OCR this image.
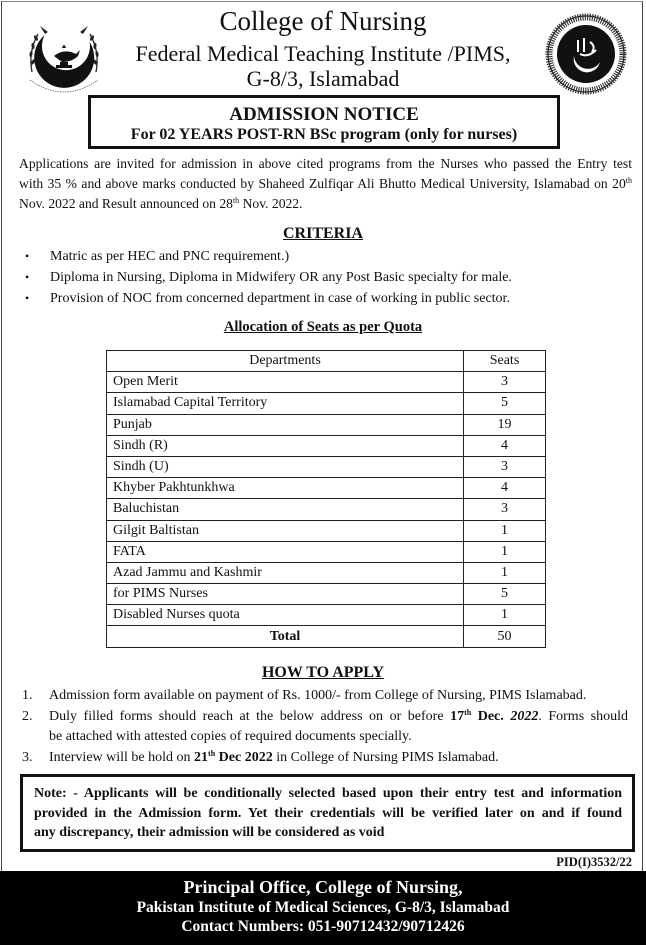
College of Nursing
Federal Medical Teaching Institute /PIMS,
G-8/3, Islamabad
ADMISSION NOTICE
For 02 YEARS POST-RN BSc program (only for nurses)
Applications are invited for admission in above cited programs from the Nurses who passed the Entry test
with 35 % and above marks conducted by Shaheed Zulfiqar Ali Bhutto Medical University, Islamabad on 20th
Nov. 2022 and Result announced on 28th Nov. 2022.
CRITERIA
• Matric as per HEC and PNC requirement.)
• Diploma in Nursing, Diploma in Midwifery OR any Post Basic specialty for male.
• Provision of NOC from concerned department in case of working in public sector.
Allocation of Seats as per Quota
Departments	Seats
Open Merit	3
Islamabad Capital Territory	5
Punjab	19
Sindh (R)	4
Sindh (U)	3
Khyber Pakhtunkhwa	4
Baluchistan	3
Gilgit Baltistan	1
FATA	1
Azad Jammu and Kashmir	1
for PIMS Nurses	5
Disabled Nurses quota	1
Total	50
HOW TO APPLY
1. Admission form available on payment of Rs. 1000/- from College of Nursing, PIMS Islamabad.
2. Duly filled forms should reach at the below address on or before 17th Dec. 2022. Forms should
be attached with attested copies of required documents specially.
3. Interview will be hold on 21th Dec 2022 in College of Nursing PIMS Islamabad.
Note: - Applicants will be conditionally selected based upon their entry test and information
provided in the Admission form. Yet their credentials will be verified later on and if found
any discrepancy, their admission will be considered as void
PID(I)3532/22
Principal Office, College of Nursing,
Pakistan Institute of Medical Sciences, G-8/3, Islamabad
Contact Numbers: 051-90712432/90712426
